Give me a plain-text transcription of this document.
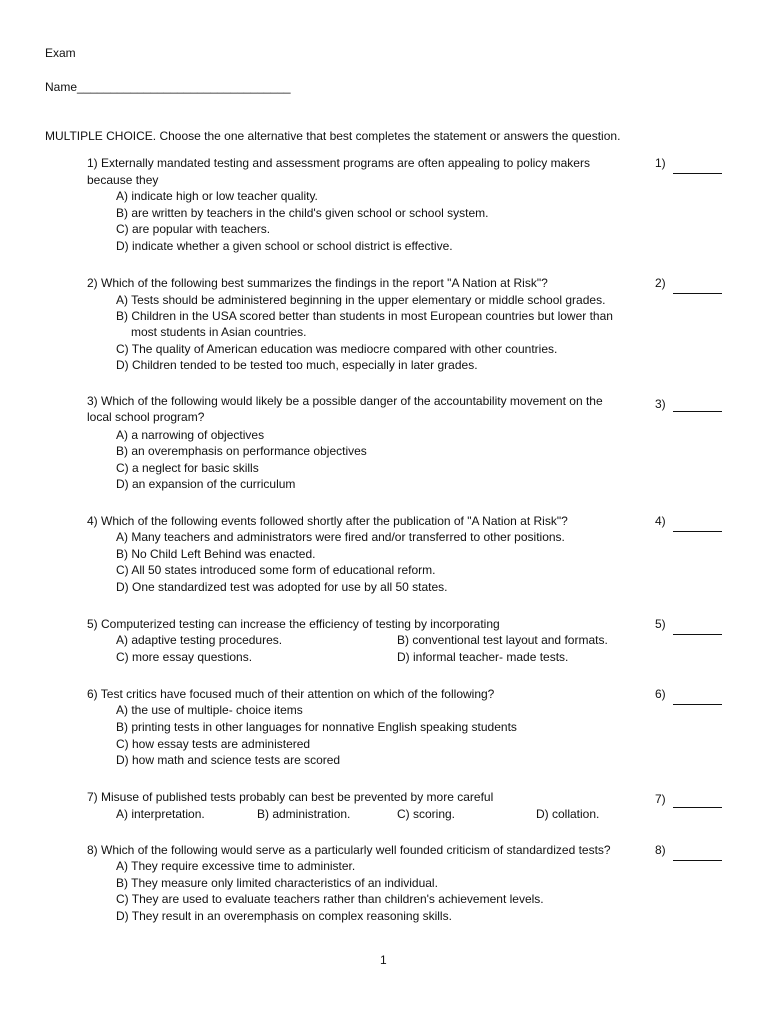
Exam
Name________________________________
MULTIPLE CHOICE. Choose the one alternative that best completes the statement or answers the question.
1) Externally mandated testing and assessment programs are often appealing to policy makers because they
1)
A) indicate high or low teacher quality.
B) are written by teachers in the child's given school or school system.
C) are popular with teachers.
D) indicate whether a given school or school district is effective.
2) Which of the following best summarizes the findings in the report "A Nation at Risk"?	2)
A) Tests should be administered beginning in the upper elementary or middle school grades.
B) Children in the USA scored better than students in most European countries but lower than
most students in Asian countries.
C) The quality of American education was mediocre compared with other countries.
D) Children tended to be tested too much, especially in later grades.
3) Which of the following would likely be a possible danger of the accountability movement on the
local school program?
3)
A) a narrowing of objectives
B) an overemphasis on performance objectives
C) a neglect for basic skills
D) an expansion of the curriculum
4) Which of the following events followed shortly after the publication of "A Nation at Risk"?	4)
A) Many teachers and administrators were fired and/or transferred to other positions.
B) No Child Left Behind was enacted.
C) All 50 states introduced some form of educational reform.
D) One standardized test was adopted for use by all 50 states.
5) Computerized testing can increase the efficiency of testing by incorporating	5)
A) adaptive testing procedures.	B) conventional test layout and formats.
C) more essay questions.	D) informal teacher- made tests.
6) Test critics have focused much of their attention on which of the following?	6)
A) the use of multiple- choice items
B) printing tests in other languages for nonnative English speaking students
C) how essay tests are administered
D) how math and science tests are scored
7) Misuse of published tests probably can best be prevented by more careful	7)
A) interpretation.	B) administration.	C) scoring.	D) collation.
8) Which of the following would serve as a particularly well founded criticism of standardized tests?	8)
A) They require excessive time to administer.
B) They measure only limited characteristics of an individual.
C) They are used to evaluate teachers rather than children's achievement levels.
D) They result in an overemphasis on complex reasoning skills.
1
